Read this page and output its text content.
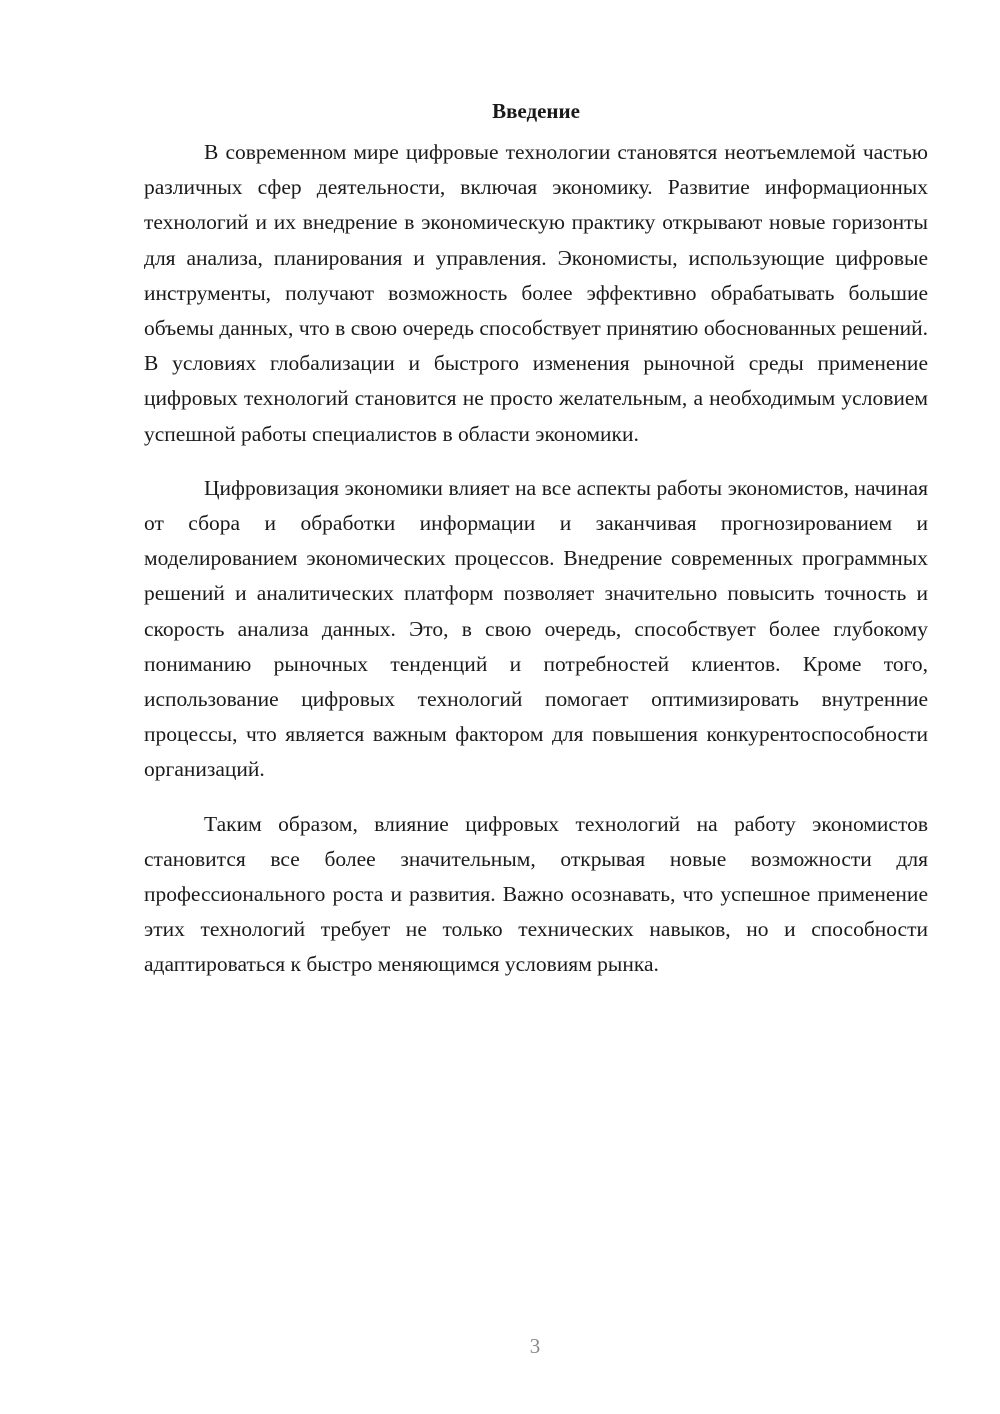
Введение

В современном мире цифровые технологии становятся неотъемлемой частью различных сфер деятельности, включая экономику. Развитие информационных технологий и их внедрение в экономическую практику открывают новые горизонты для анализа, планирования и управления. Экономисты, использующие цифровые инструменты, получают возможность более эффективно обрабатывать большие объемы данных, что в свою очередь способствует принятию обоснованных решений. В условиях глобализации и быстрого изменения рыночной среды применение цифровых технологий становится не просто желательным, а необходимым условием успешной работы специалистов в области экономики.

Цифровизация экономики влияет на все аспекты работы экономистов, начиная от сбора и обработки информации и заканчивая прогнозированием и моделированием экономических процессов. Внедрение современных программных решений и аналитических платформ позволяет значительно повысить точность и скорость анализа данных. Это, в свою очередь, способствует более глубокому пониманию рыночных тенденций и потребностей клиентов. Кроме того, использование цифровых технологий помогает оптимизировать внутренние процессы, что является важным фактором для повышения конкурентоспособности организаций.

Таким образом, влияние цифровых технологий на работу экономистов становится все более значительным, открывая новые возможности для профессионального роста и развития. Важно осознавать, что успешное применение этих технологий требует не только технических навыков, но и способности адаптироваться к быстро меняющимся условиям рынка.

3
